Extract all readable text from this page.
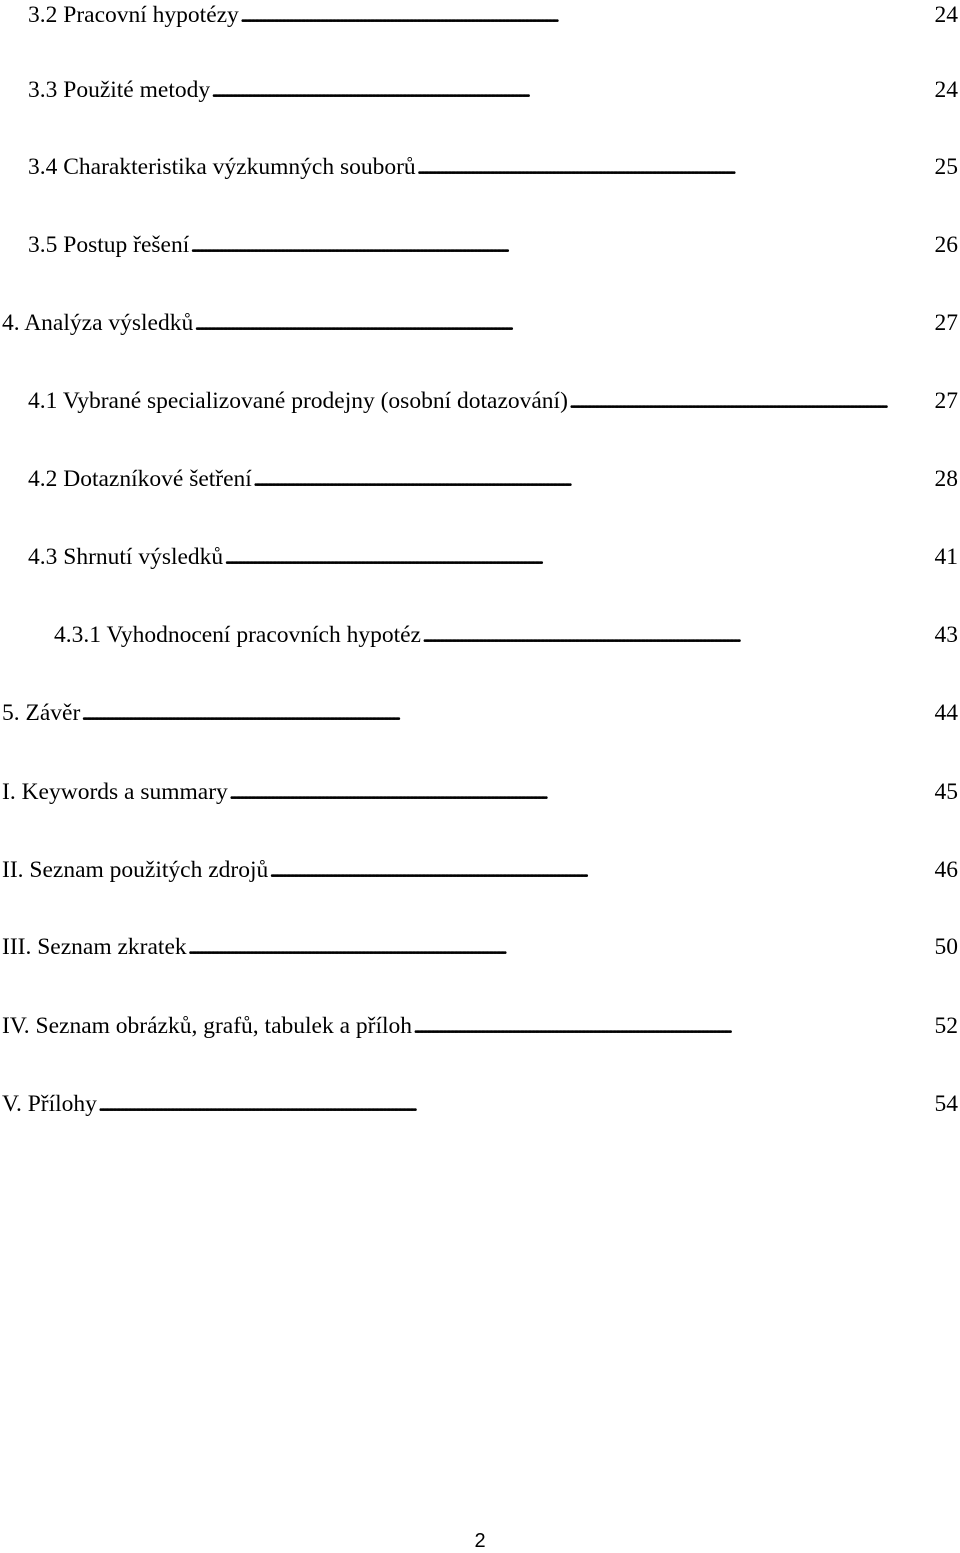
3.2 Pracovní hypotézy . . .	24
3.3 Použité metody . . .	24
3.4 Charakteristika výzkumných souborů . . .	25
3.5 Postup řešení . . .	26
4. Analýza výsledků . . .	27
4.1 Vybrané specializované prodejny (osobní dotazování) . . .	27
4.2 Dotazníkové šetření . . .	28
4.3 Shrnutí výsledků . . .	41
4.3.1 Vyhodnocení pracovních hypotéz . . .	43
5. Závěr . . .	44
I. Keywords a summary . . .	45
II. Seznam použitých zdrojů . . .	46
III. Seznam zkratek . . .	50
IV. Seznam obrázků, grafů, tabulek a příloh . . .	52
V. Přílohy . . .	54
2
